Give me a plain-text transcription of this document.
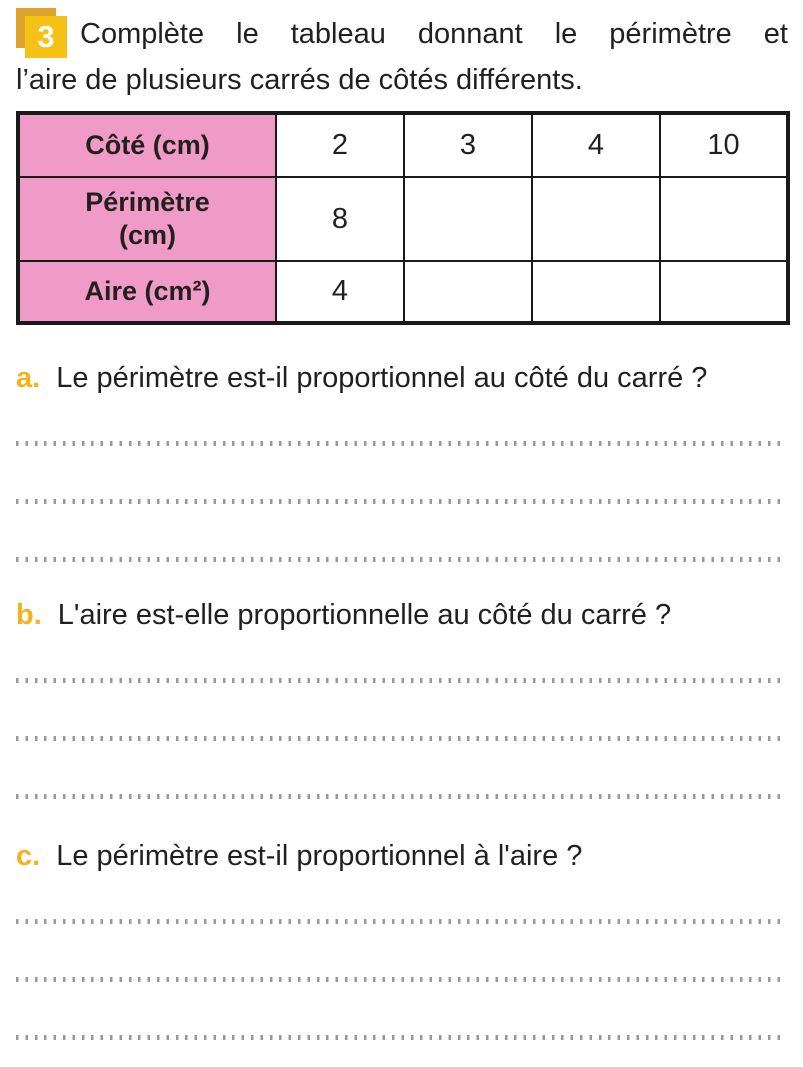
3 Complète le tableau donnant le périmètre et
l’aire de plusieurs carrés de côtés différents.
Côté (cm)	2	3	4	10
Périmètre (cm)	8			
Aire (cm²)	4			
a. Le périmètre est-il proportionnel au côté du carré ?
b. L'aire est-elle proportionnelle au côté du carré ?
c. Le périmètre est-il proportionnel à l'aire ?
